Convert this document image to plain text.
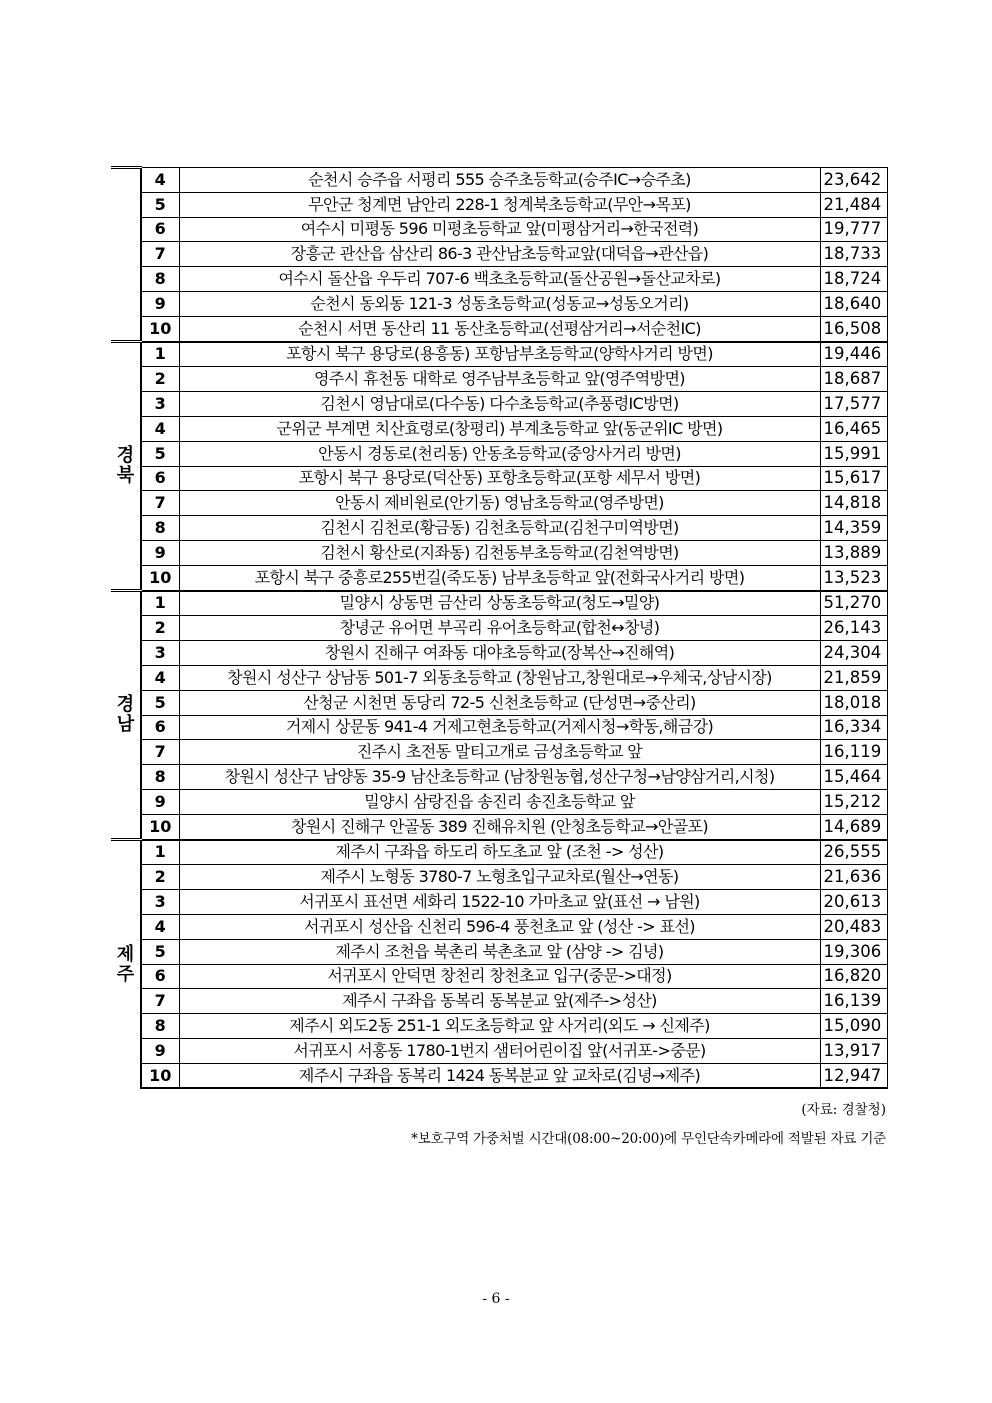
	4	순천시 승주읍 서평리 555 승주초등학교(승주IC→승주초)	23,642
	5	무안군 청계면 남안리 228-1 청계북초등학교(무안→목포)	21,484
	6	여수시 미평동 596 미평초등학교 앞(미평삼거리→한국전력)	19,777
	7	장흥군 관산읍 삼산리 86-3 관산남초등학교앞(대덕읍→관산읍)	18,733
	8	여수시 돌산읍 우두리 707-6 백초초등학교(돌산공원→돌산교차로)	18,724
	9	순천시 동외동 121-3 성동초등학교(성동교→성동오거리)	18,640
	10	순천시 서면 동산리 11 동산초등학교(선평삼거리→서순천IC)	16,508
경북	1	포항시 북구 용당로(용흥동) 포항남부초등학교(양학사거리 방면)	19,446
	2	영주시 휴천동 대학로 영주남부초등학교 앞(영주역방면)	18,687
	3	김천시 영남대로(다수동) 다수초등학교(추풍령IC방면)	17,577
	4	군위군 부계면 치산효령로(창평리) 부계초등학교 앞(동군위IC 방면)	16,465
	5	안동시 경동로(천리동) 안동초등학교(중앙사거리 방면)	15,991
	6	포항시 북구 용당로(덕산동) 포항초등학교(포항 세무서 방면)	15,617
	7	안동시 제비원로(안기동) 영남초등학교(영주방면)	14,818
	8	김천시 김천로(황금동) 김천초등학교(김천구미역방면)	14,359
	9	김천시 황산로(지좌동) 김천동부초등학교(김천역방면)	13,889
	10	포항시 북구 중흥로255번길(죽도동) 남부초등학교 앞(전화국사거리 방면)	13,523
경남	1	밀양시 상동면 금산리 상동초등학교(청도→밀양)	51,270
	2	창녕군 유어면 부곡리 유어초등학교(합천↔창녕)	26,143
	3	창원시 진해구 여좌동 대야초등학교(장복산→진해역)	24,304
	4	창원시 성산구 상남동 501-7 외동초등학교 (창원남고,창원대로→우체국,상남시장)	21,859
	5	산청군 시천면 동당리 72-5 신천초등학교 (단성면→중산리)	18,018
	6	거제시 상문동 941-4 거제고현초등학교(거제시청→학동,해금강)	16,334
	7	진주시 초전동 말티고개로 금성초등학교 앞	16,119
	8	창원시 성산구 남양동 35-9 남산초등학교 (남창원농협,성산구청→남양삼거리,시청)	15,464
	9	밀양시 삼랑진읍 송진리 송진초등학교 앞	15,212
	10	창원시 진해구 안골동 389 진해유치원 (안청초등학교→안골포)	14,689
제주	1	제주시 구좌읍 하도리 하도초교 앞 (조천 -> 성산)	26,555
	2	제주시 노형동 3780-7 노형초입구교차로(월산→연동)	21,636
	3	서귀포시 표선면 세화리 1522-10 가마초교 앞(표선 → 남원)	20,613
	4	서귀포시 성산읍 신천리 596-4 풍천초교 앞 (성산 -> 표선)	20,483
	5	제주시 조천읍 북촌리 북촌초교 앞 (삼양 -> 김녕)	19,306
	6	서귀포시 안덕면 창천리 창천초교 입구(중문->대정)	16,820
	7	제주시 구좌읍 동복리 동복분교 앞(제주->성산)	16,139
	8	제주시 외도2동 251-1 외도초등학교 앞 사거리(외도 → 신제주)	15,090
	9	서귀포시 서홍동 1780-1번지 샘터어린이집 앞(서귀포->중문)	13,917
	10	제주시 구좌읍 동복리 1424 동복분교 앞 교차로(김녕→제주)	12,947
(자료: 경찰청)
*보호구역 가중처벌 시간대(08:00~20:00)에 무인단속카메라에 적발된 자료 기준
- 6 -
